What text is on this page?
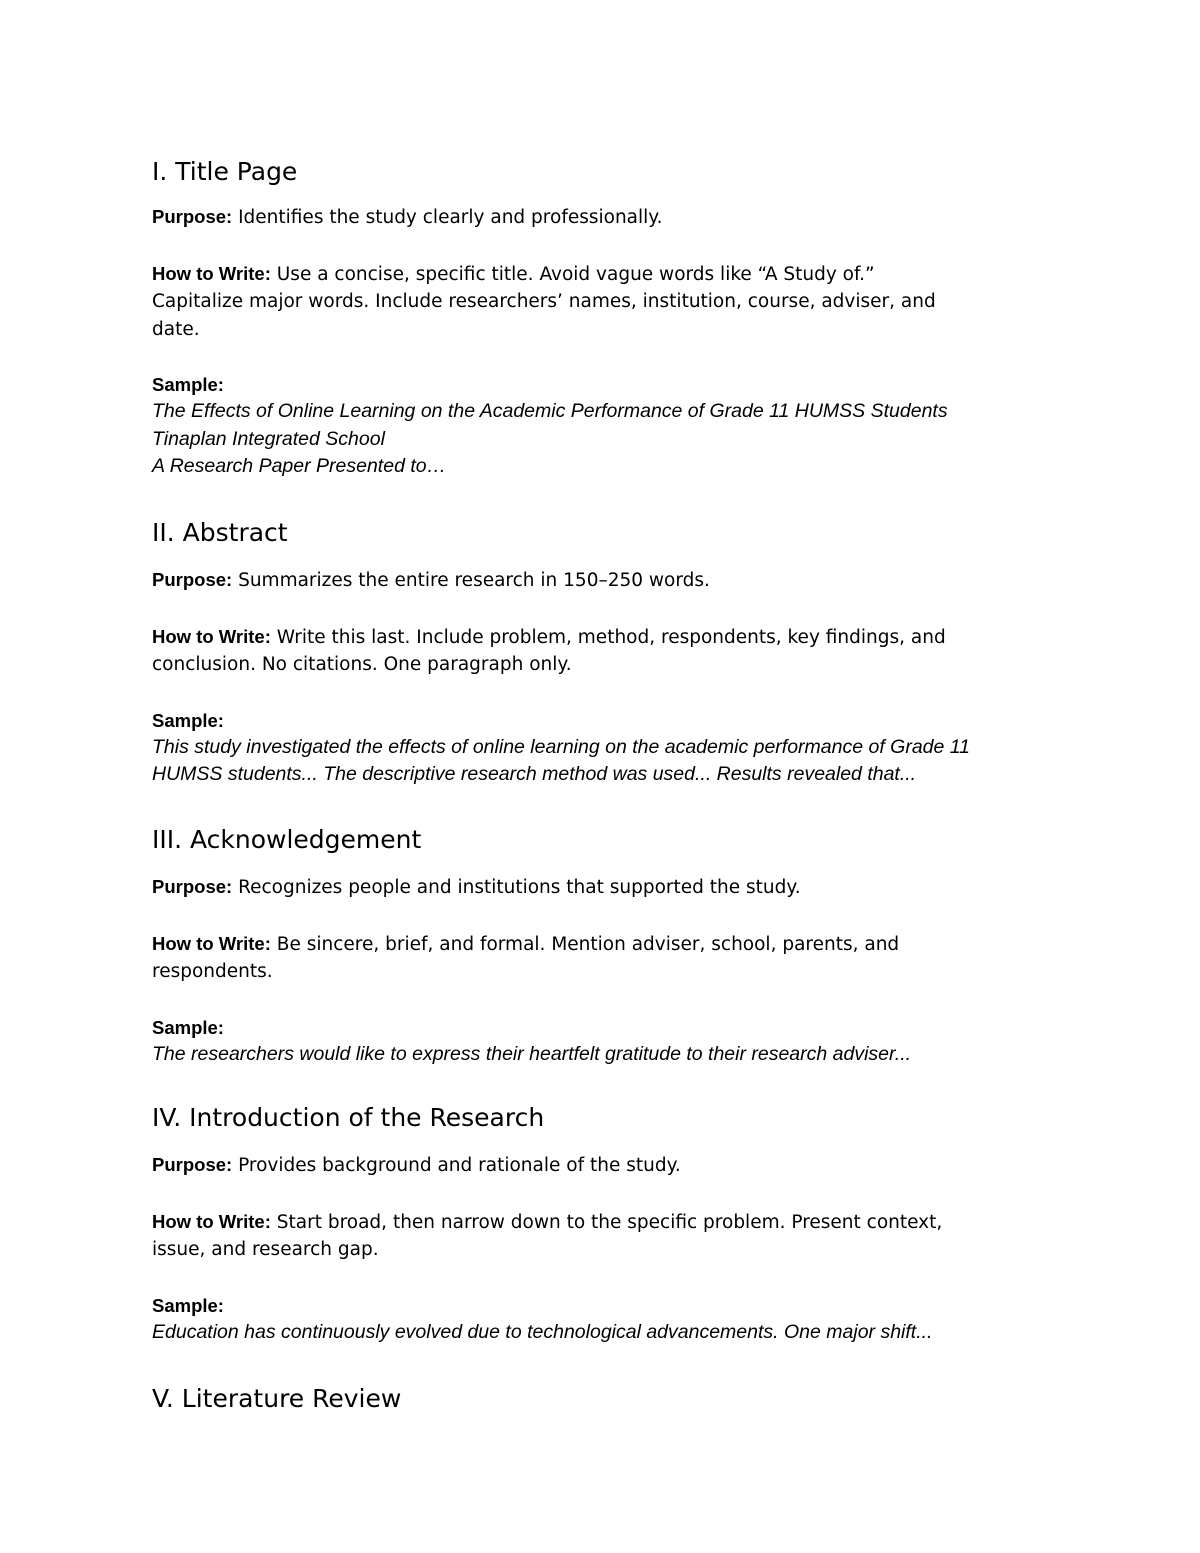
I. Title Page

Purpose: Identifies the study clearly and professionally.

How to Write: Use a concise, specific title. Avoid vague words like “A Study of.”
Capitalize major words. Include researchers’ names, institution, course, adviser, and
date.

Sample:

The Effects of Online Learning on the Academic Performance of Grade 11 HUMSS Students

Tinaplan Integrated School

A Research Paper Presented to…

II. Abstract

Purpose: Summarizes the entire research in 150–250 words.

How to Write: Write this last. Include problem, method, respondents, key findings, and
conclusion. No citations. One paragraph only.

Sample:

This study investigated the effects of online learning on the academic performance of Grade 11

HUMSS students... The descriptive research method was used... Results revealed that...

III. Acknowledgement

Purpose: Recognizes people and institutions that supported the study.

How to Write: Be sincere, brief, and formal. Mention adviser, school, parents, and
respondents.

Sample:

The researchers would like to express their heartfelt gratitude to their research adviser...

IV. Introduction of the Research

Purpose: Provides background and rationale of the study.

How to Write: Start broad, then narrow down to the specific problem. Present context,
issue, and research gap.

Sample:

Education has continuously evolved due to technological advancements. One major shift...

V. Literature Review
